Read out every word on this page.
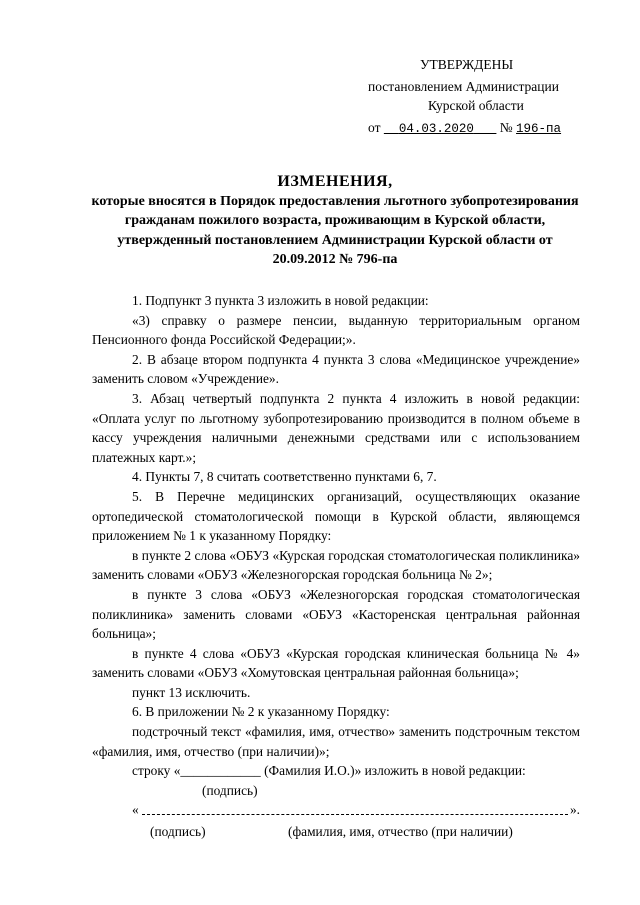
УТВЕРЖДЕНЫ
постановлением Администрации
Курской области
от 04.03.2020 № 196-па
ИЗМЕНЕНИЯ,
которые вносятся в Порядок предоставления льготного зубопротезирования гражданам пожилого возраста, проживающим в Курской области, утвержденный постановлением Администрации Курской области от 20.09.2012 № 796-па

1. Подпункт 3 пункта 3 изложить в новой редакции:

«3) справку о размере пенсии, выданную территориальным органом Пенсионного фонда Российской Федерации;».

2. В абзаце втором подпункта 4 пункта 3 слова «Медицинское учреждение» заменить словом «Учреждение».

3. Абзац четвертый подпункта 2 пункта 4 изложить в новой редакции: «Оплата услуг по льготному зубопротезированию производится в полном объеме в кассу учреждения наличными денежными средствами или с использованием платежных карт.»;

4. Пункты 7, 8 считать соответственно пунктами 6, 7.

5. В Перечне медицинских организаций, осуществляющих оказание ортопедической стоматологической помощи в Курской области, являющемся приложением № 1 к указанному Порядку:

в пункте 2 слова «ОБУЗ «Курская городская стоматологическая поликлиника» заменить словами «ОБУЗ «Железногорская городская больница № 2»;

в пункте 3 слова «ОБУЗ «Железногорская городская стоматологическая поликлиника» заменить словами «ОБУЗ «Касторенская центральная районная больница»;

в пункте 4 слова «ОБУЗ «Курская городская клиническая больница № 4» заменить словами «ОБУЗ «Хомутовская центральная районная больница»;

пункт 13 исключить.

6. В приложении № 2 к указанному Порядку:

подстрочный текст «фамилия, имя, отчество» заменить подстрочным текстом «фамилия, имя, отчество (при наличии)»;

строку «____________ (Фамилия И.О.)» изложить в новой редакции:

(подпись)
«	».
(подпись)	(фамилия, имя, отчество (при наличии)
